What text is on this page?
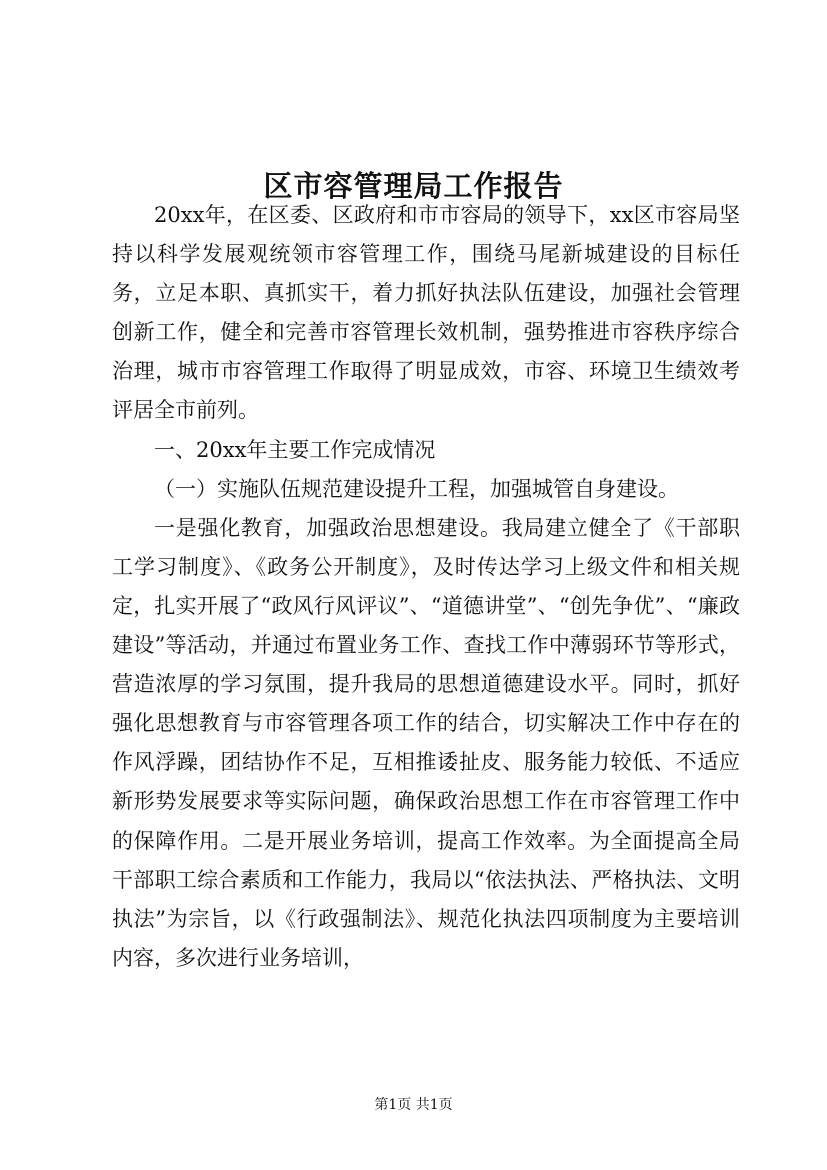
区市容管理局工作报告

20xx年，在区委、区政府和市市容局的领导下，xx区市容局坚持以科学发展观统领市容管理工作，围绕马尾新城建设的目标任务，立足本职、真抓实干，着力抓好执法队伍建设，加强社会管理创新工作，健全和完善市容管理长效机制，强势推进市容秩序综合治理，城市市容管理工作取得了明显成效，市容、环境卫生绩效考评居全市前列。

一、20xx年主要工作完成情况

（一）实施队伍规范建设提升工程，加强城管自身建设。

一是强化教育，加强政治思想建设。我局建立健全了《干部职工学习制度》、《政务公开制度》，及时传达学习上级文件和相关规定，扎实开展了“政风行风评议”、“道德讲堂”、“创先争优”、“廉政建设”等活动，并通过布置业务工作、查找工作中薄弱环节等形式，营造浓厚的学习氛围，提升我局的思想道德建设水平。同时，抓好强化思想教育与市容管理各项工作的结合，切实解决工作中存在的作风浮躁，团结协作不足，互相推诿扯皮、服务能力较低、不适应新形势发展要求等实际问题，确保政治思想工作在市容管理工作中的保障作用。二是开展业务培训，提高工作效率。为全面提高全局干部职工综合素质和工作能力，我局以“依法执法、严格执法、文明执法”为宗旨，以《行政强制法》、规范化执法四项制度为主要培训内容，多次进行业务培训，

第1页 共1页
